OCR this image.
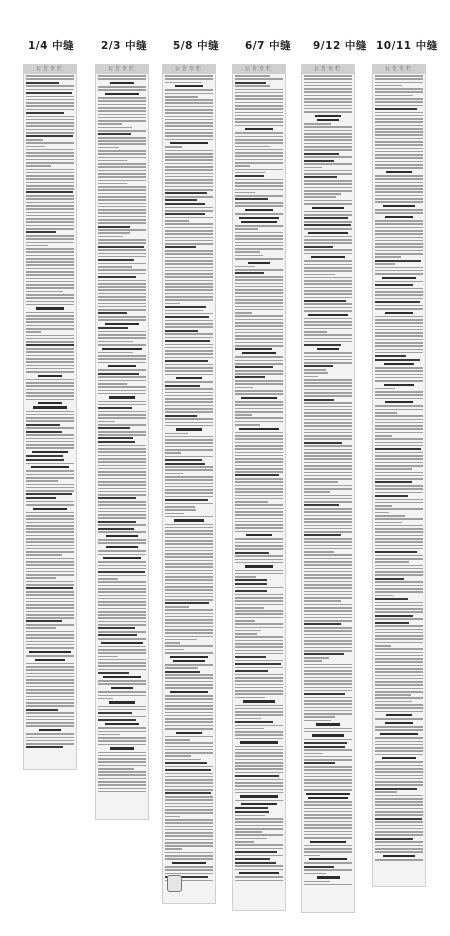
1/4 中缝	2/3 中缝 5/8 中缝 6/7 中缝 9/12 中缝 10/11 中缝
公告专栏	公告专栏	公告专栏	公告专栏	公告专栏	公告专栏
